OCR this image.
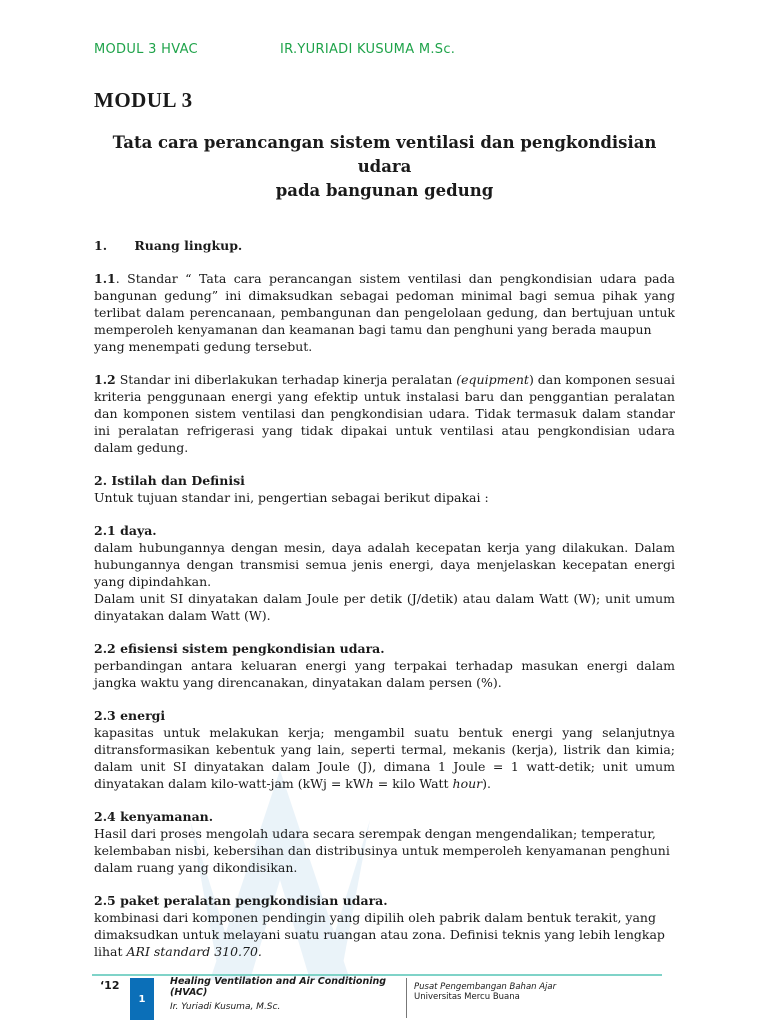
MODUL 3 HVAC	IR.YURIADI KUSUMA M.Sc.
MODUL 3
Tata cara perancangan sistem ventilasi dan pengkondisian udara
pada bangunan gedung
1. Ruang lingkup.
1.1. Standar “ Tata cara perancangan sistem ventilasi dan pengkondisian udara pada bangunan gedung” ini dimaksudkan sebagai pedoman minimal bagi semua pihak yang terlibat dalam perencanaan, pembangunan dan pengelolaan gedung, dan bertujuan untuk memperoleh kenyamanan dan keamanan bagi tamu dan penghuni yang berada maupun
yang menempati gedung tersebut.
1.2 Standar ini diberlakukan terhadap kinerja peralatan (equipment) dan komponen sesuai kriteria penggunaan energi yang efektip untuk instalasi baru dan penggantian peralatan dan komponen sistem ventilasi dan pengkondisian udara. Tidak termasuk dalam standar ini peralatan refrigerasi yang tidak dipakai untuk ventilasi atau pengkondisian udara dalam gedung.
2. Istilah dan Definisi
Untuk tujuan standar ini, pengertian sebagai berikut dipakai :
2.1 daya.
dalam hubungannya dengan mesin, daya adalah kecepatan kerja yang dilakukan. Dalam hubungannya dengan transmisi semua jenis energi, daya menjelaskan kecepatan energi yang dipindahkan.
Dalam unit SI dinyatakan dalam Joule per detik (J/detik) atau dalam Watt (W); unit umum dinyatakan dalam Watt (W).
2.2 efisiensi sistem pengkondisian udara.
perbandingan antara keluaran energi yang terpakai terhadap masukan energi dalam jangka waktu yang direncanakan, dinyatakan dalam persen (%).
2.3 energi
kapasitas untuk melakukan kerja; mengambil suatu bentuk energi yang selanjutnya ditransformasikan kebentuk yang lain, seperti termal, mekanis (kerja), listrik dan kimia; dalam unit SI dinyatakan dalam Joule (J), dimana 1 Joule = 1 watt-detik; unit umum dinyatakan dalam kilo-watt-jam (kWj = kWh = kilo Watt hour).
2.4 kenyamanan.
Hasil dari proses mengolah udara secara serempak dengan mengendalikan; temperatur, kelembaban nisbi, kebersihan dan distribusinya untuk memperoleh kenyamanan penghuni dalam ruang yang dikondisikan.
2.5 paket peralatan pengkondisian udara.
kombinasi dari komponen pendingin yang dipilih oleh pabrik dalam bentuk terakit, yang dimaksudkan untuk melayani suatu ruangan atau zona. Definisi teknis yang lebih lengkap lihat ARI standard 310.70.
‘12
1
Healing Ventilation and Air Conditioning (HVAC)
Ir. Yuriadi Kusuma, M.Sc.
Pusat Pengembangan Bahan Ajar
Universitas Mercu Buana
